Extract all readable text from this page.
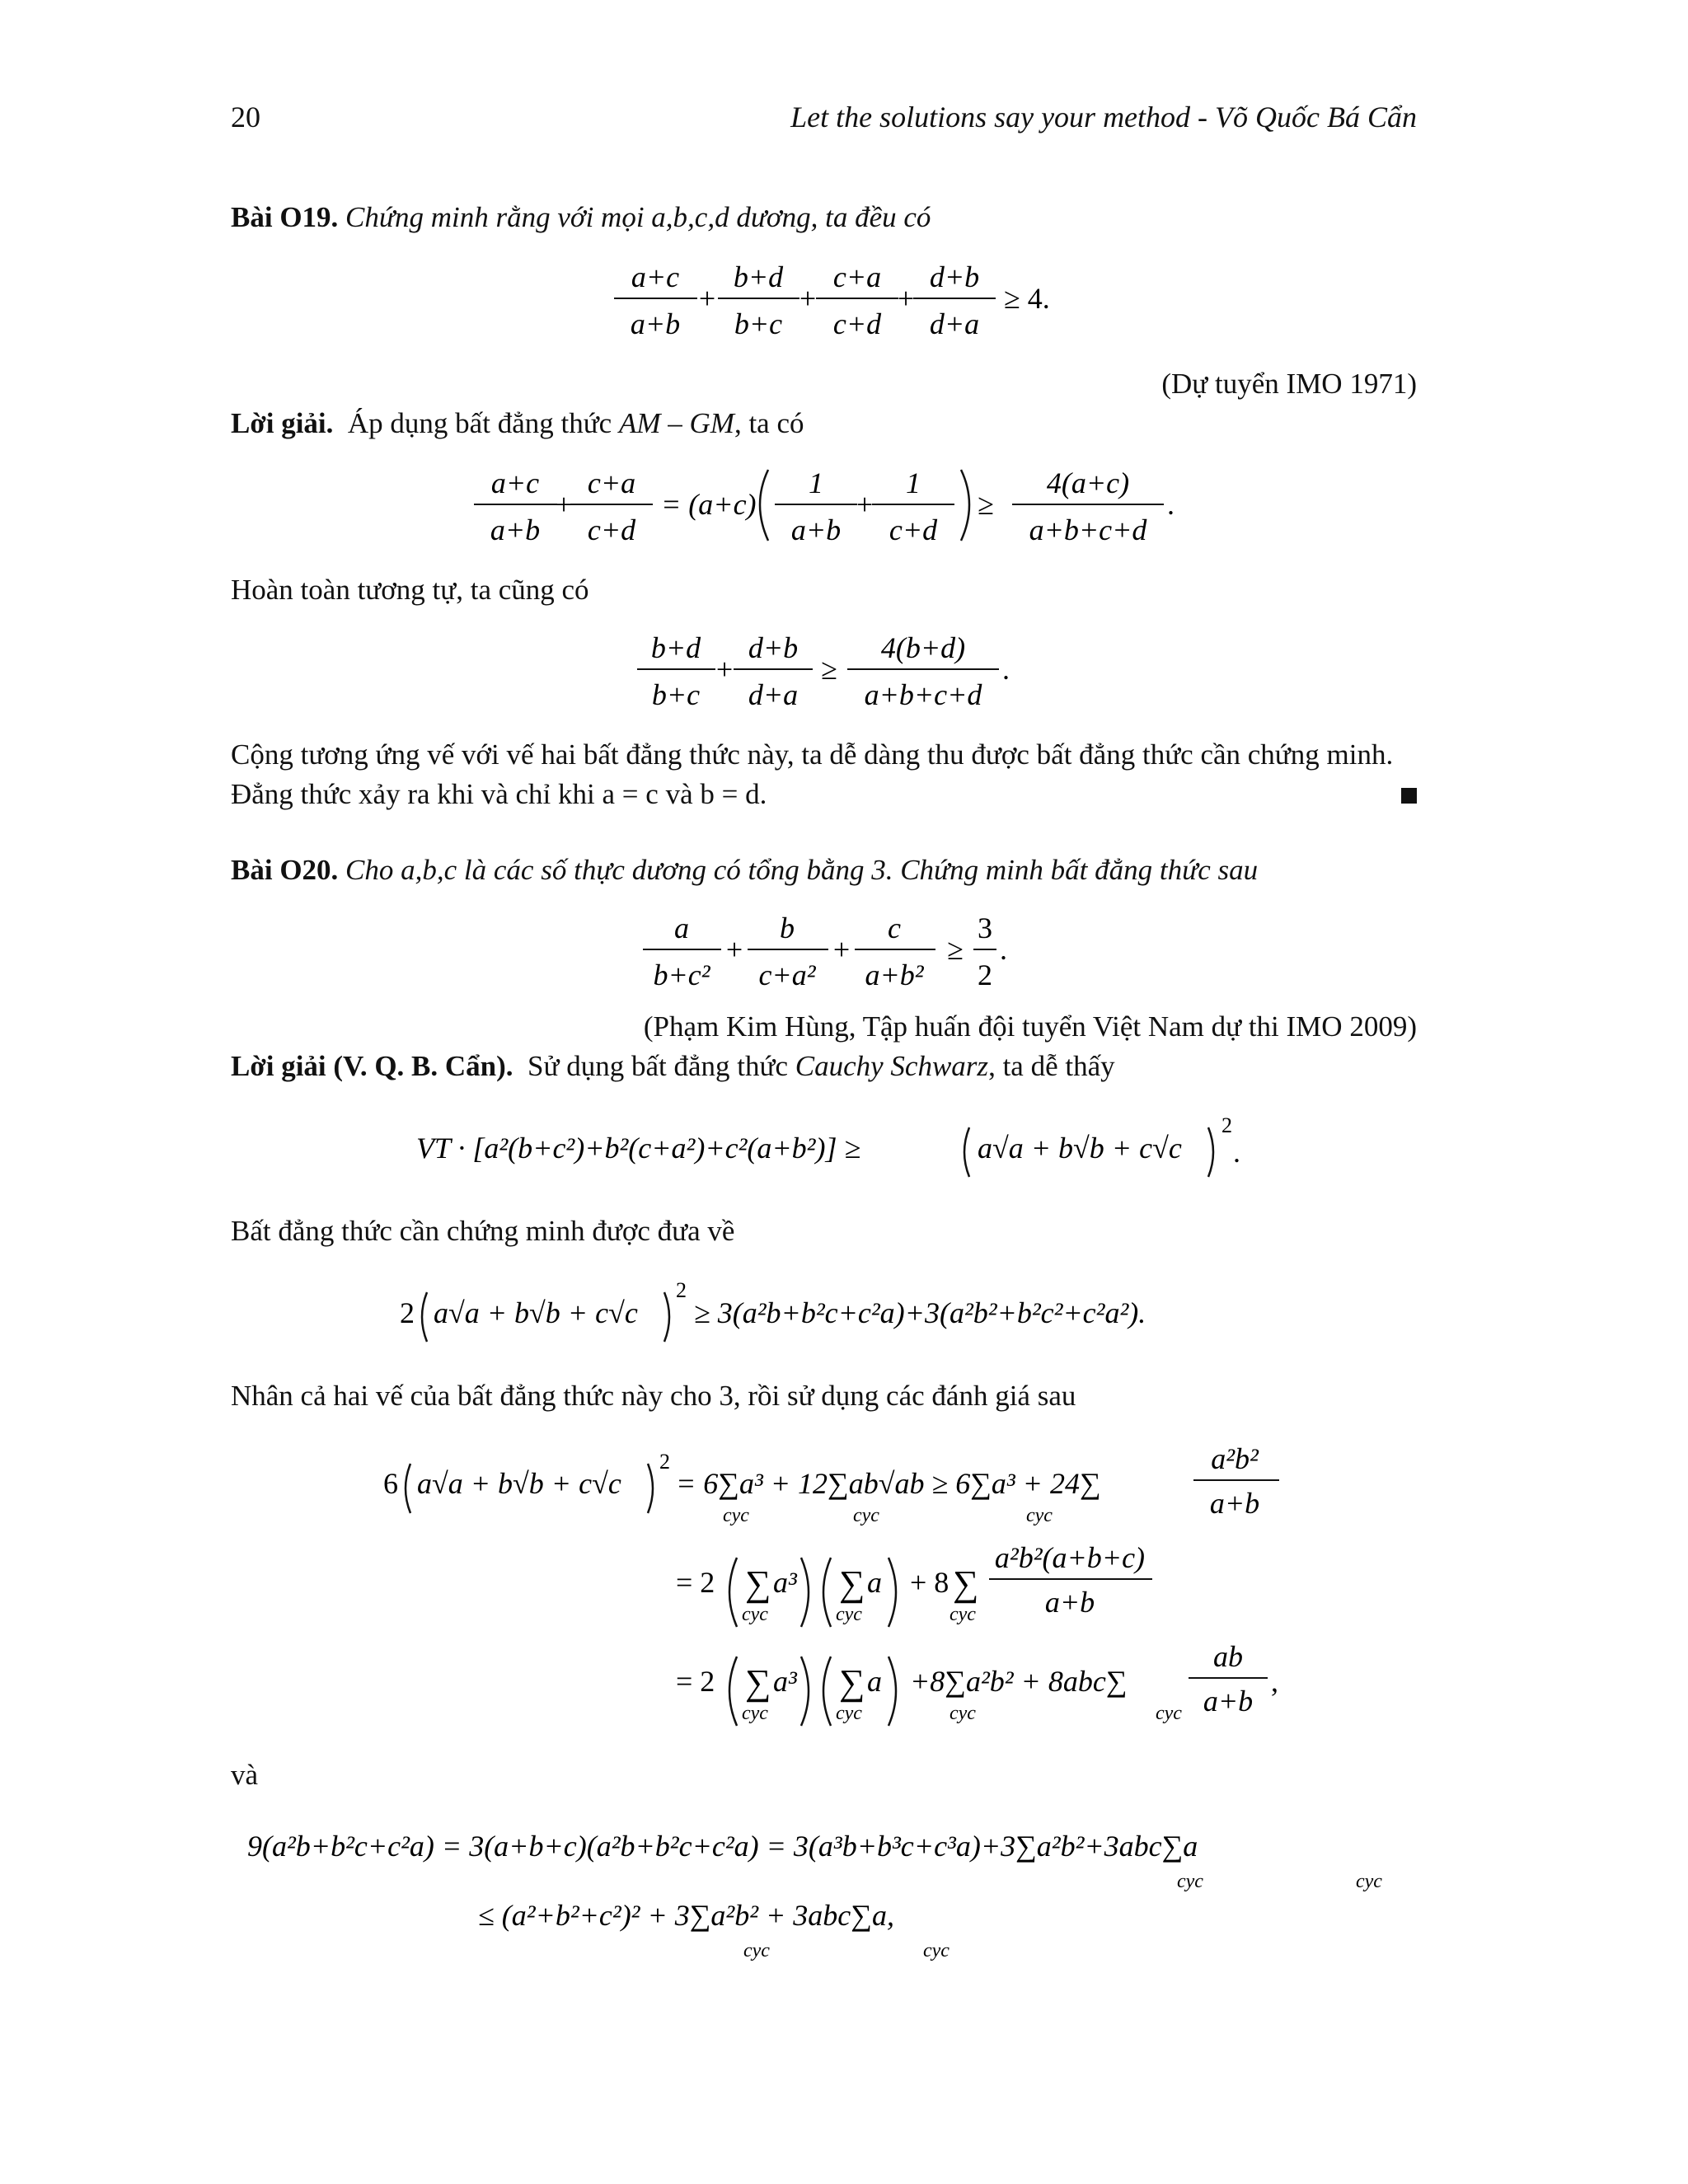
20	Let the solutions say your method - Võ Quốc Bá Cẩn
Bài O19. Chứng minh rằng với mọi a,b,c,d dương, ta đều có
a+c
a+b
b+d
b+c
c+a
c+d
d+b
d+a
+	+	+	≥ 4.
(Dự tuyển IMO 1971)
Lời giải. Áp dụng bất đẳng thức AM – GM, ta có
a+c
a+b
c+a
c+d
= (a+c)
1
a+b
1
c+d
4(a+c)
a+b+c+d
+	+	≥	.
Hoàn toàn tương tự, ta cũng có
b+d
b+c
d+b
d+a
4(b+d)
a+b+c+d
+	≥	.
Cộng tương ứng vế với vế hai bất đẳng thức này, ta dễ dàng thu được bất đẳng thức cần chứng minh.
Đẳng thức xảy ra khi và chỉ khi a = c và b = d.
Bài O20. Cho a,b,c là các số thực dương có tổng bằng 3. Chứng minh bất đẳng thức sau
a
b+c²
b
c+a²
c
a+b²
3
2
+	+	≥ .
(Phạm Kim Hùng, Tập huấn đội tuyển Việt Nam dự thi IMO 2009)
Lời giải (V. Q. B. Cẩn). Sử dụng bất đẳng thức Cauchy Schwarz, ta dễ thấy
VT · [a²(b+c²)+b²(c+a²)+c²(a+b²)] ≥	a√a + b√b + c√c
2
.
Bất đẳng thức cần chứng minh được đưa về
2 a√a + b√b + c√c
2
≥ 3(a²b+b²c+c²a)+3(a²b²+b²c²+c²a²).
Nhân cả hai vế của bất đẳng thức này cho 3, rồi sử dụng các đánh giá sau
6 a√a + b√b + c√c
2
= 6∑a³ + 12∑ab√ab ≥ 6∑a³ + 24∑
cyc	cyc	cyc
a²b²
a+b
= 2 ∑ a³
cyc
∑ a
cyc
+ 8 ∑
cyc
a²b²(a+b+c)
a+b
= 2 ∑ a³
cyc
∑ a
cyc
+8∑a²b² + 8abc∑
cyc	cyc
ab
a+b
,
và
9(a²b+b²c+c²a) = 3(a+b+c)(a²b+b²c+c²a) = 3(a³b+b³c+c³a)+3∑a²b²+3abc∑a
cyc	cyc
≤ (a²+b²+c²)² + 3∑a²b² + 3abc∑a,
cyc	cyc
